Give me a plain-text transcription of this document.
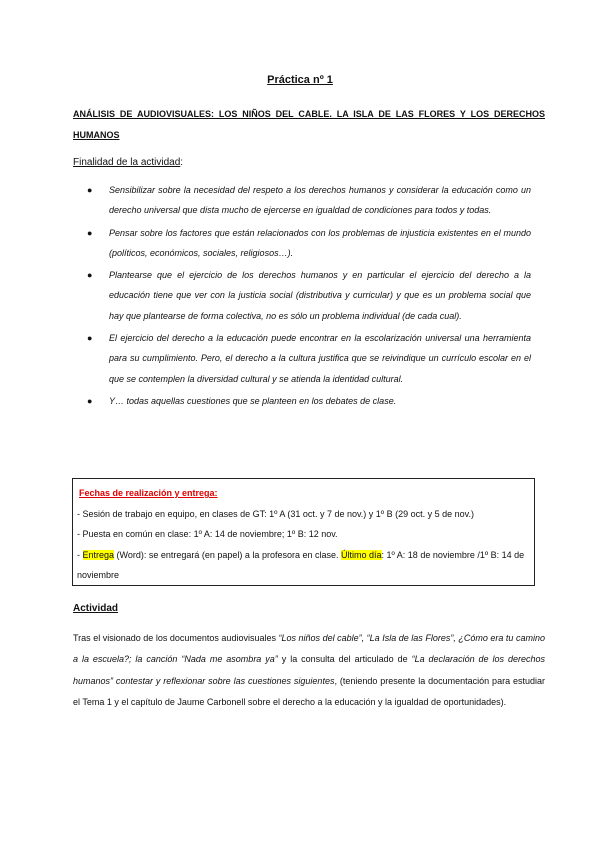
Práctica nº 1
ANÁLISIS DE AUDIOVISUALES: LOS NIÑOS DEL CABLE. LA ISLA DE LAS FLORES Y LOS DERECHOS HUMANOS
Finalidad de la actividad:
● Sensibilizar sobre la necesidad del respeto a los derechos humanos y considerar la educación como un derecho universal que dista mucho de ejercerse en igualdad de condiciones para todos y todas.
● Pensar sobre los factores que están relacionados con los problemas de injusticia existentes en el mundo (políticos, económicos, sociales, religiosos…).
● Plantearse que el ejercicio de los derechos humanos y en particular el ejercicio del derecho a la educación tiene que ver con la justicia social (distributiva y curricular) y que es un problema social que hay que plantearse de forma colectiva, no es sólo un problema individual (de cada cual).
● El ejercicio del derecho a la educación puede encontrar en la escolarización universal una herramienta para su cumplimiento. Pero, el derecho a la cultura justifica que se reivindique un currículo escolar en el que se contemplen la diversidad cultural y se atienda la identidad cultural.
● Y… todas aquellas cuestiones que se planteen en los debates de clase.

Fechas de realización y entrega:

- Sesión de trabajo en equipo, en clases de GT: 1º A (31 oct. y 7 de nov.) y 1º B (29 oct. y 5 de nov.)

- Puesta en común en clase: 1º A: 14 de noviembre; 1º B: 12 nov.

- Entrega (Word): se entregará (en papel) a la profesora en clase. Último día: 1º A: 18 de noviembre /1º B: 14 de noviembre

Actividad

Tras el visionado de los documentos audiovisuales “Los niños del cable”, “La Isla de las Flores”, ¿Cómo era tu camino a la escuela?; la canción “Nada me asombra ya” y la consulta del articulado de “La declaración de los derechos humanos” contestar y reflexionar sobre las cuestiones siguientes, (teniendo presente la documentación para estudiar el Tema 1 y el capítulo de Jaume Carbonell sobre el derecho a la educación y la igualdad de oportunidades).
